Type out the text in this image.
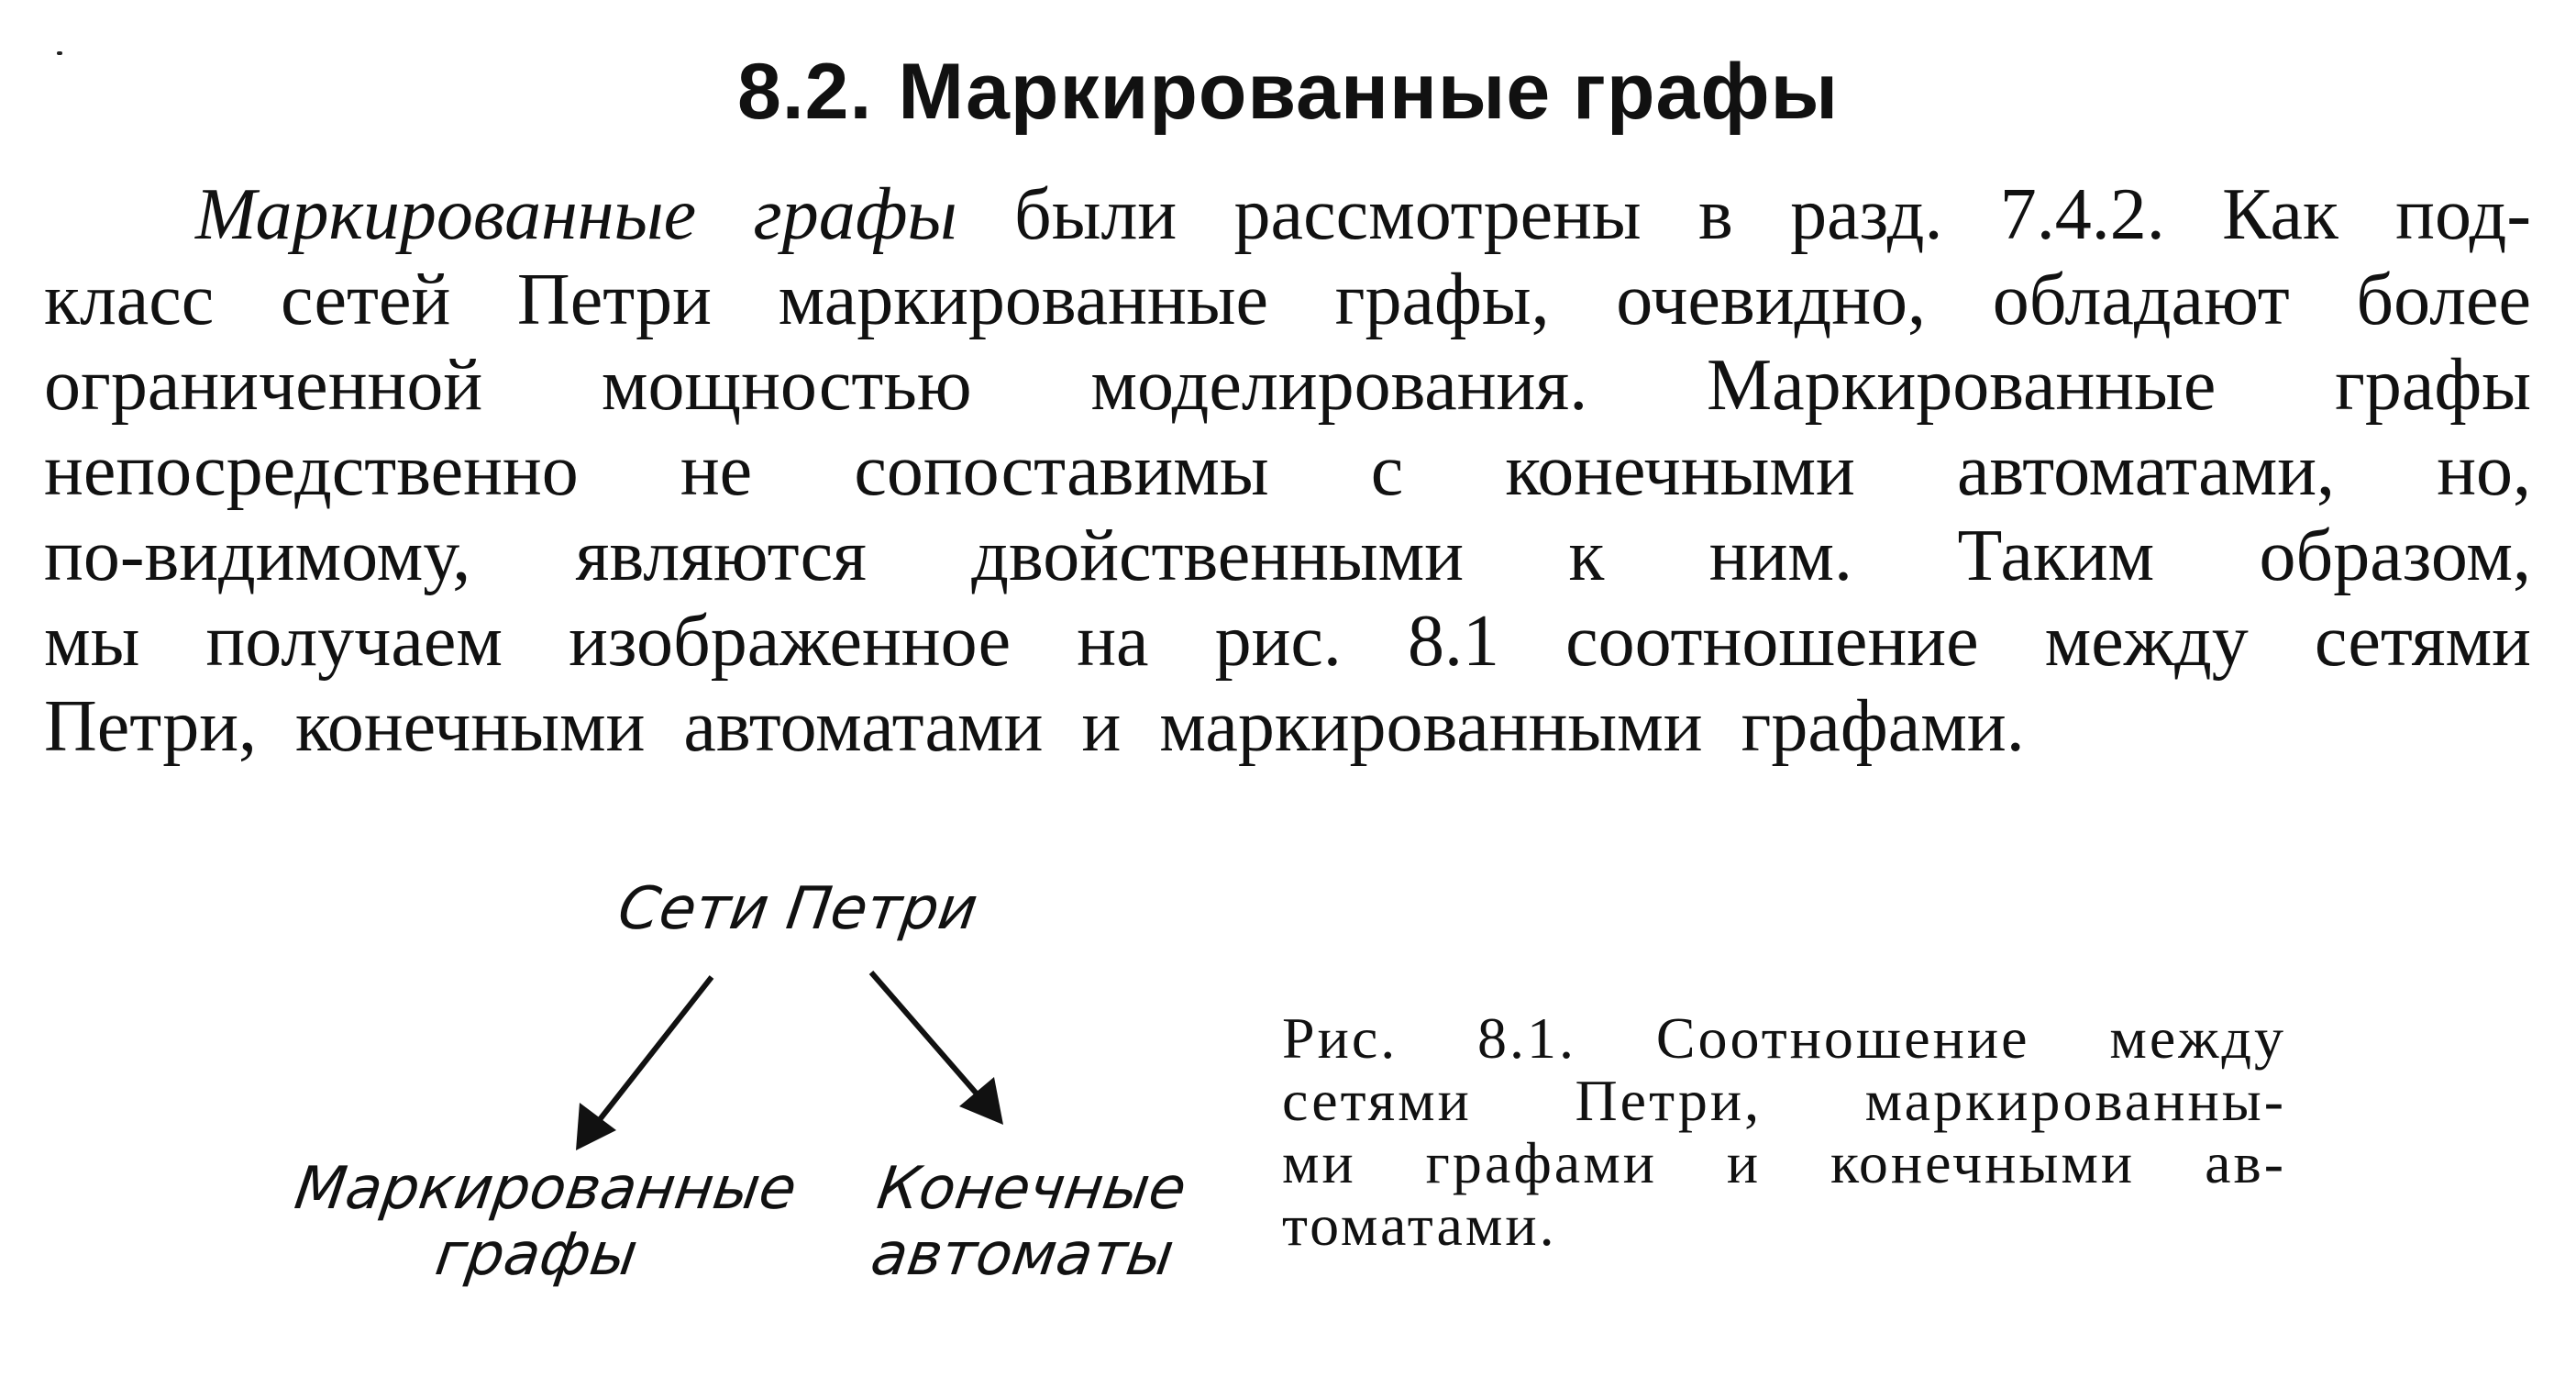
8.2. Маркированные графы
Маркированные графы были рассмотрены в разд. 7.4.2. Как под-
класс сетей Петри маркированные графы, очевидно, обладают более
ограниченной мощностью моделирования. Маркированные графы
непосредственно не сопоставимы с конечными автоматами, но,
по-видимому, являются двойственными к ним. Таким образом,
мы получаем изображенное на рис. 8.1 соотношение между сетями
Петри, конечными автоматами и маркированными графами.
Сети Петри
Маркированные
графы
Конечные
автоматы
Рис. 8.1. Соотношение между
сетями Петри, маркированны-
ми графами и конечными ав-
томатами.
